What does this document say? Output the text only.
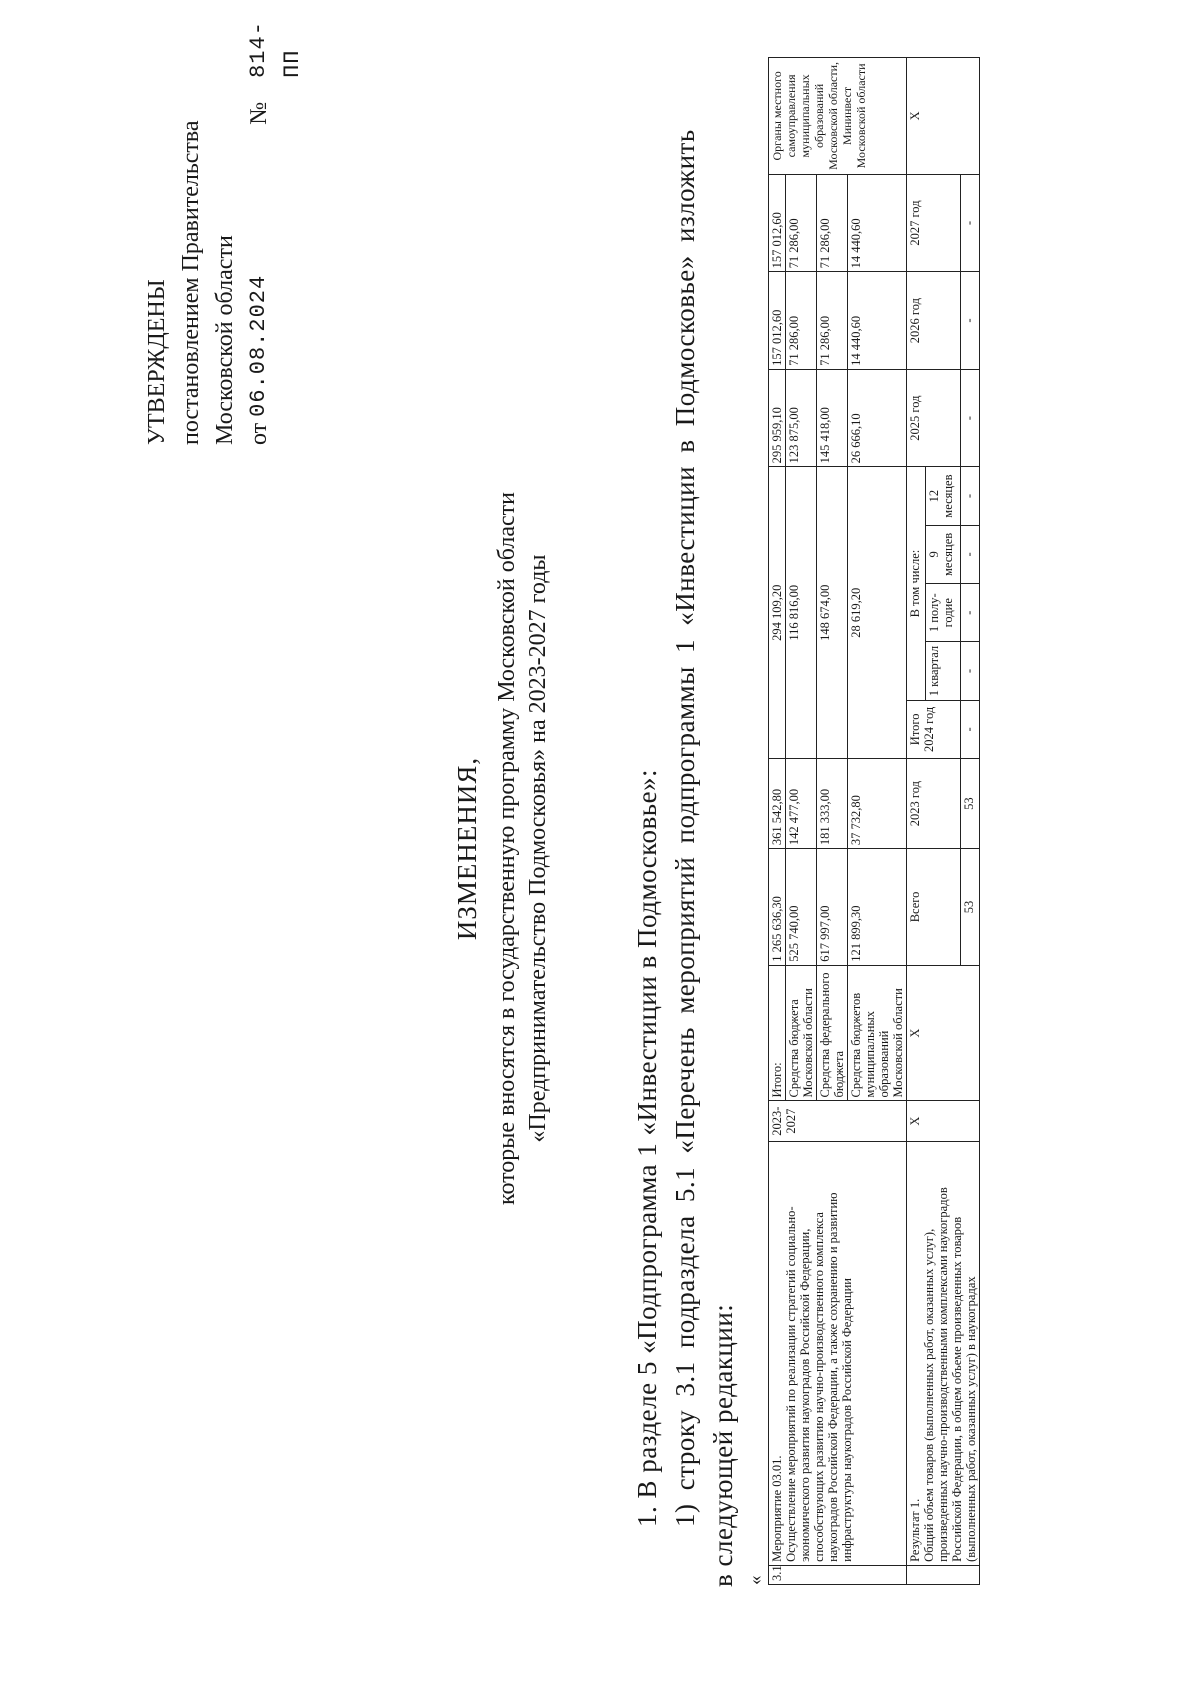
УТВЕРЖДЕНЫ постановлением Правительства Московской области от

06.08.2024
№
814-ПП
ИЗМЕНЕНИЯ, которые вносятся в государственную программу Московской области «Предпринимательство Подмосковья» на 2023-2027 годы	1. В разделе 5 «Подпрограмма 1 «Инвестиции в Подмосковье»: 1) строку 3.1 подраздела 5.1 «Перечень мероприятий подпрограммы 1 «Инвестиции в Подмосковье» изложить в следующей редакции: « 3.1	Мероприятие 03.01. Осуществление мероприятий по реализации стратегий социально-экономического развития наукоградов Российской Федерации, способствующих развитию научно-производственного комплекса наукоградов Российской Федерации, а также сохранению и развитию инфраструктуры наукоградов Российской Федерации	2023-2027	Итого:	1 265 636,30	361 542,80	294 109,20					295 959,10	157 012,60	157 012,60	Органы местного самоуправления муниципальных образований Московской области, Мининвест Московской области
			Средства бюджета Московской области	525 740,00	142 477,00	116 816,00					123 875,00	71 286,00	71 286,00	
			Средства федерального бюджета	617 997,00	181 333,00	148 674,00					145 418,00	71 286,00	71 286,00	
			Средства бюджетов муниципальных образований Московской области	121 899,30	37 732,80	28 619,20					26 666,10	14 440,60	14 440,60	

	Результат 1. Общий объем товаров (выполненных работ, оказанных услуг), произведенных научно-производственными комплексами наукоградов Российской Федерации, в общем объеме произведенных товаров (выполненных работ, оказанных услуг) в наукоградах	X	X	Всего	2023 год	Итого 2024 год	В том числе:				2025 год	2026 год	2027 год	X
							1 квартал	1 полу-годие	9 месяцев	12 месяцев				
				53	53	-	-	-	-	-	-	-	-	
